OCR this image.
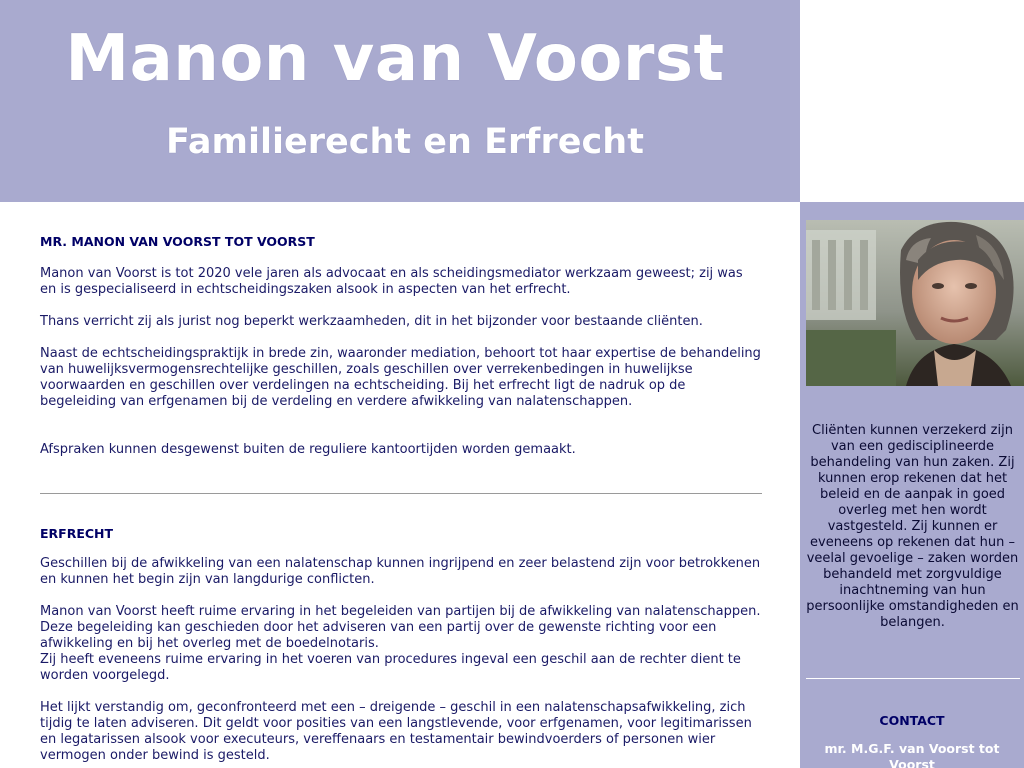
Manon van Voorst
Familierecht en Erfrecht
MR. MANON VAN VOORST TOT VOORST

Manon van Voorst is tot 2020 vele jaren als advocaat en als scheidingsmediator werkzaam geweest; zij was en is gespecialiseerd in echtscheidingszaken alsook in aspecten van het erfrecht.

Thans verricht zij als jurist nog beperkt werkzaamheden, dit in het bijzonder voor bestaande cliënten.

Naast de echtscheidingspraktijk in brede zin, waaronder mediation, behoort tot haar expertise de behandeling van huwelijksvermogensrechtelijke geschillen, zoals geschillen over verrekenbedingen in huwelijkse voorwaarden en geschillen over verdelingen na echtscheiding. Bij het erfrecht ligt de nadruk op de begeleiding van erfgenamen bij de verdeling en verdere afwikkeling van nalatenschappen.

Afspraken kunnen desgewenst buiten de reguliere kantoortijden worden gemaakt.

ERFRECHT

Geschillen bij de afwikkeling van een nalatenschap kunnen ingrijpend en zeer belastend zijn voor betrokkenen en kunnen het begin zijn van langdurige conflicten.

Manon van Voorst heeft ruime ervaring in het begeleiden van partijen bij de afwikkeling van nalatenschappen. Deze begeleiding kan geschieden door het adviseren van een partij over de gewenste richting voor een afwikkeling en bij het overleg met de boedelnotaris.

Zij heeft eveneens ruime ervaring in het voeren van procedures ingeval een geschil aan de rechter dient te worden voorgelegd.

Het lijkt verstandig om, geconfronteerd met een – dreigende – geschil in een nalatenschapsafwikkeling, zich tijdig te laten adviseren. Dit geldt voor posities van een langstlevende, voor erfgenamen, voor legitimarissen en legatarissen alsook voor executeurs, vereffenaars en testamentair bewindvoerders of personen wier vermogen onder bewind is gesteld.

Cliënten kunnen verzekerd zijn van een gedisciplineerde behandeling van hun zaken. Zij kunnen erop rekenen dat het beleid en de aanpak in goed overleg met hen wordt vastgesteld. Zij kunnen er eveneens op rekenen dat hun – veelal gevoelige – zaken worden behandeld met zorgvuldige inachtneming van hun persoonlijke omstandigheden en belangen.
CONTACT
mr. M.G.F. van Voorst tot Voorst
